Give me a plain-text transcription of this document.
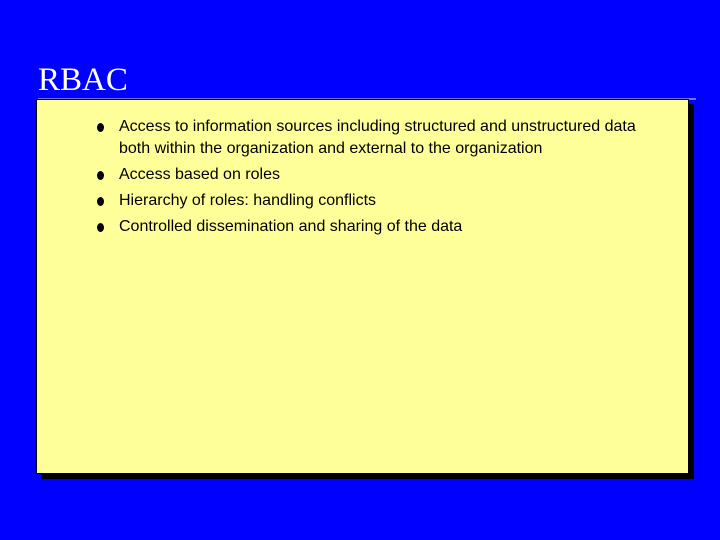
RBAC
Access to information sources including structured and unstructured data both within the organization and external to the organization
Access based on roles
Hierarchy of roles: handling conflicts
Controlled dissemination and sharing of the data
